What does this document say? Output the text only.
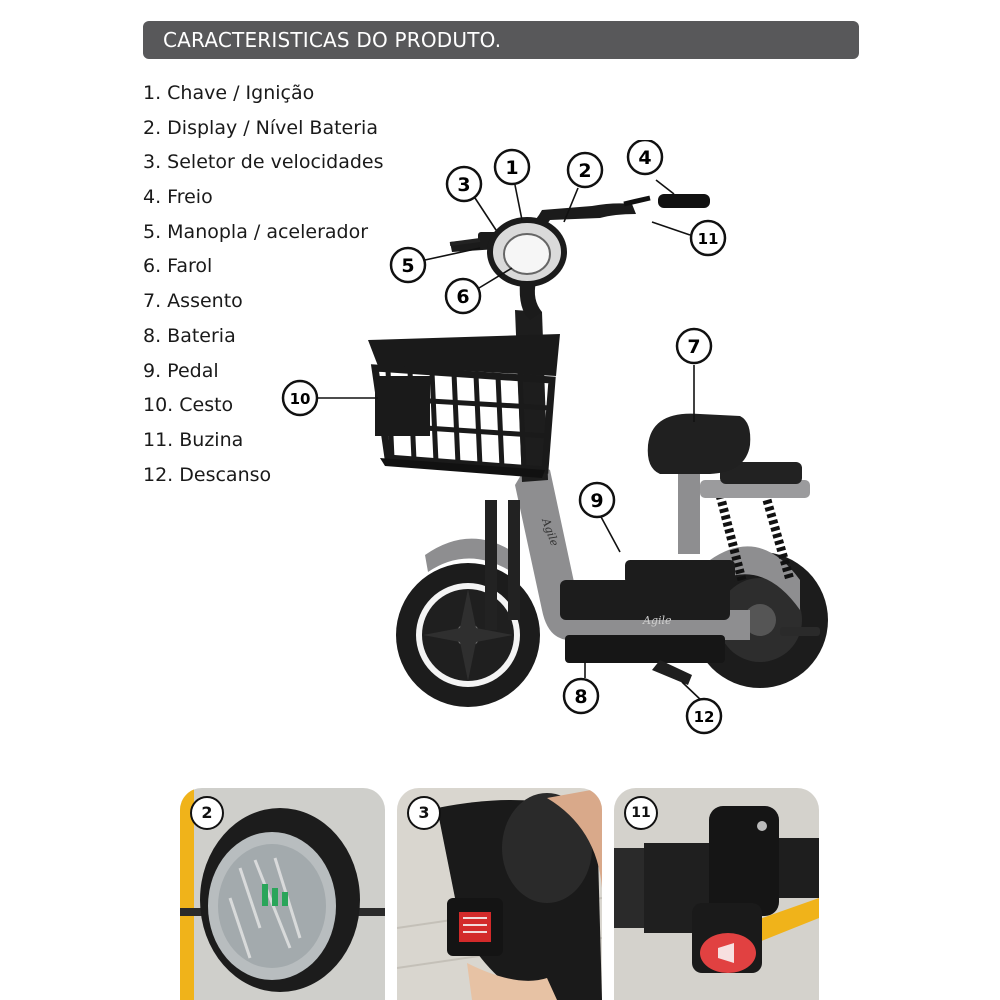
CARACTERISTICAS DO PRODUTO.
1. Chave / Ignição
2. Display / Nível Bateria
3. Seletor de velocidades
4. Freio
5. Manopla / acelerador
6. Farol
7. Assento
8. Bateria
9. Pedal
10. Cesto
11. Buzina
12. Descanso
Agile
Agile
1	2
3
4
5
6
7
8
9
10
11
12
2	3	11
